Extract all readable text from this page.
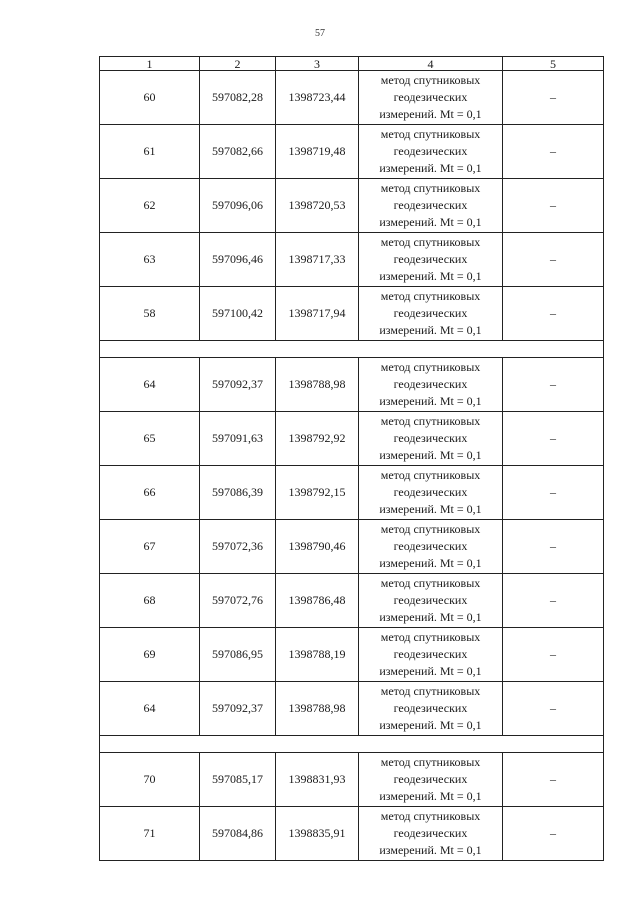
57
1	2	3	4	5
60	597082,28	1398723,44	метод спутниковых
геодезических
измерений. Mt = 0,1	–
61	597082,66	1398719,48	метод спутниковых
геодезических
измерений. Mt = 0,1	–
62	597096,06	1398720,53	метод спутниковых
геодезических
измерений. Mt = 0,1	–
63	597096,46	1398717,33	метод спутниковых
геодезических
измерений. Mt = 0,1	–
58	597100,42	1398717,94	метод спутниковых
геодезических
измерений. Mt = 0,1	–

64	597092,37	1398788,98	метод спутниковых
геодезических
измерений. Mt = 0,1	–
65	597091,63	1398792,92	метод спутниковых
геодезических
измерений. Mt = 0,1	–
66	597086,39	1398792,15	метод спутниковых
геодезических
измерений. Mt = 0,1	–
67	597072,36	1398790,46	метод спутниковых
геодезических
измерений. Mt = 0,1	–
68	597072,76	1398786,48	метод спутниковых
геодезических
измерений. Mt = 0,1	–
69	597086,95	1398788,19	метод спутниковых
геодезических
измерений. Mt = 0,1	–
64	597092,37	1398788,98	метод спутниковых
геодезических
измерений. Mt = 0,1	–

70	597085,17	1398831,93	метод спутниковых
геодезических
измерений. Mt = 0,1	–
71	597084,86	1398835,91	метод спутниковых
геодезических
измерений. Mt = 0,1	–
